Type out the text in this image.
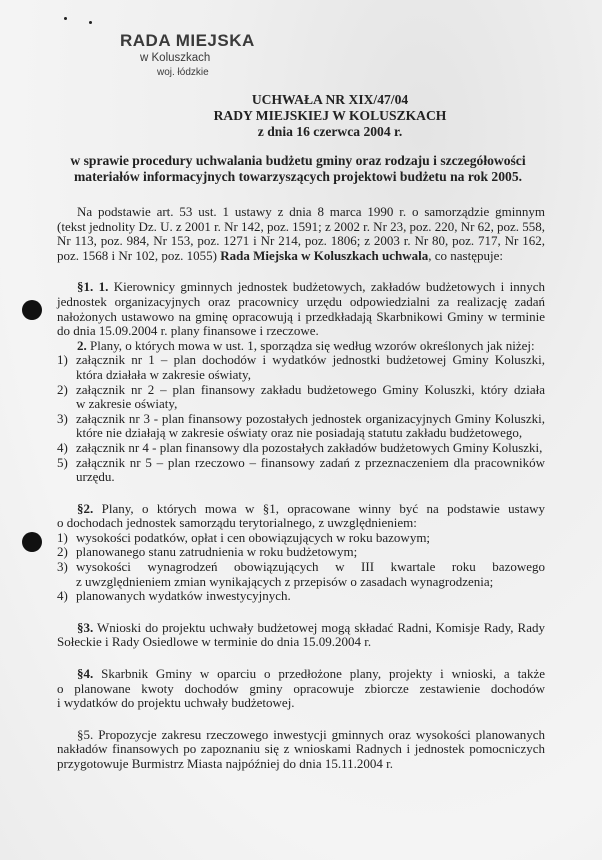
RADA MIEJSKA
w Koluszkach
woj. łódzkie
UCHWAŁA NR XIX/47/04
RADY MIEJSKIEJ W KOLUSZKACH
z dnia 16 czerwca 2004 r.
w sprawie procedury uchwalania budżetu gminy oraz rodzaju i szczegółowości
materiałów informacyjnych towarzyszących projektowi budżetu na rok 2005.
Na podstawie art. 53 ust. 1 ustawy z dnia 8 marca 1990 r. o samorządzie gminnym
(tekst jednolity Dz. U. z 2001 r. Nr 142, poz. 1591; z 2002 r. Nr 23, poz. 220, Nr 62, poz. 558,
Nr 113, poz. 984, Nr 153, poz. 1271 i Nr 214, poz. 1806; z 2003 r. Nr 80, poz. 717, Nr 162,
poz. 1568 i Nr 102, poz. 1055) Rada Miejska w Koluszkach uchwala, co następuje:
§1. 1. Kierownicy gminnych jednostek budżetowych, zakładów budżetowych i innych
jednostek organizacyjnych oraz pracownicy urzędu odpowiedzialni za realizację zadań
nałożonych ustawowo na gminę opracowują i przedkładają Skarbnikowi Gminy w terminie
do dnia 15.09.2004 r. plany finansowe i rzeczowe.
2. Plany, o których mowa w ust. 1, sporządza się według wzorów określonych jak niżej:
1) załącznik nr 1 – plan dochodów i wydatków jednostki budżetowej Gminy Koluszki,
która działała w zakresie oświaty,
2) załącznik nr 2 – plan finansowy zakładu budżetowego Gminy Koluszki, który działa
w zakresie oświaty,
3) załącznik nr 3 - plan finansowy pozostałych jednostek organizacyjnych Gminy Koluszki,
które nie działają w zakresie oświaty oraz nie posiadają statutu zakładu budżetowego,
4) załącznik nr 4 - plan finansowy dla pozostałych zakładów budżetowych Gminy Koluszki,
5) załącznik nr 5 – plan rzeczowo – finansowy zadań z przeznaczeniem dla pracowników
urzędu.
§2. Plany, o których mowa w §1, opracowane winny być na podstawie ustawy
o dochodach jednostek samorządu terytorialnego, z uwzględnieniem:
1) wysokości podatków, opłat i cen obowiązujących w roku bazowym;
2) planowanego stanu zatrudnienia w roku budżetowym;
3) wysokości wynagrodzeń obowiązujących w III kwartale roku bazowego
z uwzględnieniem zmian wynikających z przepisów o zasadach wynagrodzenia;
4) planowanych wydatków inwestycyjnych.
§3. Wnioski do projektu uchwały budżetowej mogą składać Radni, Komisje Rady, Rady
Sołeckie i Rady Osiedlowe w terminie do dnia 15.09.2004 r.
§4. Skarbnik Gminy w oparciu o przedłożone plany, projekty i wnioski, a także
o planowane kwoty dochodów gminy opracowuje zbiorcze zestawienie dochodów
i wydatków do projektu uchwały budżetowej.
§5. Propozycje zakresu rzeczowego inwestycji gminnych oraz wysokości planowanych
nakładów finansowych po zapoznaniu się z wnioskami Radnych i jednostek pomocniczych
przygotowuje Burmistrz Miasta najpóźniej do dnia 15.11.2004 r.
